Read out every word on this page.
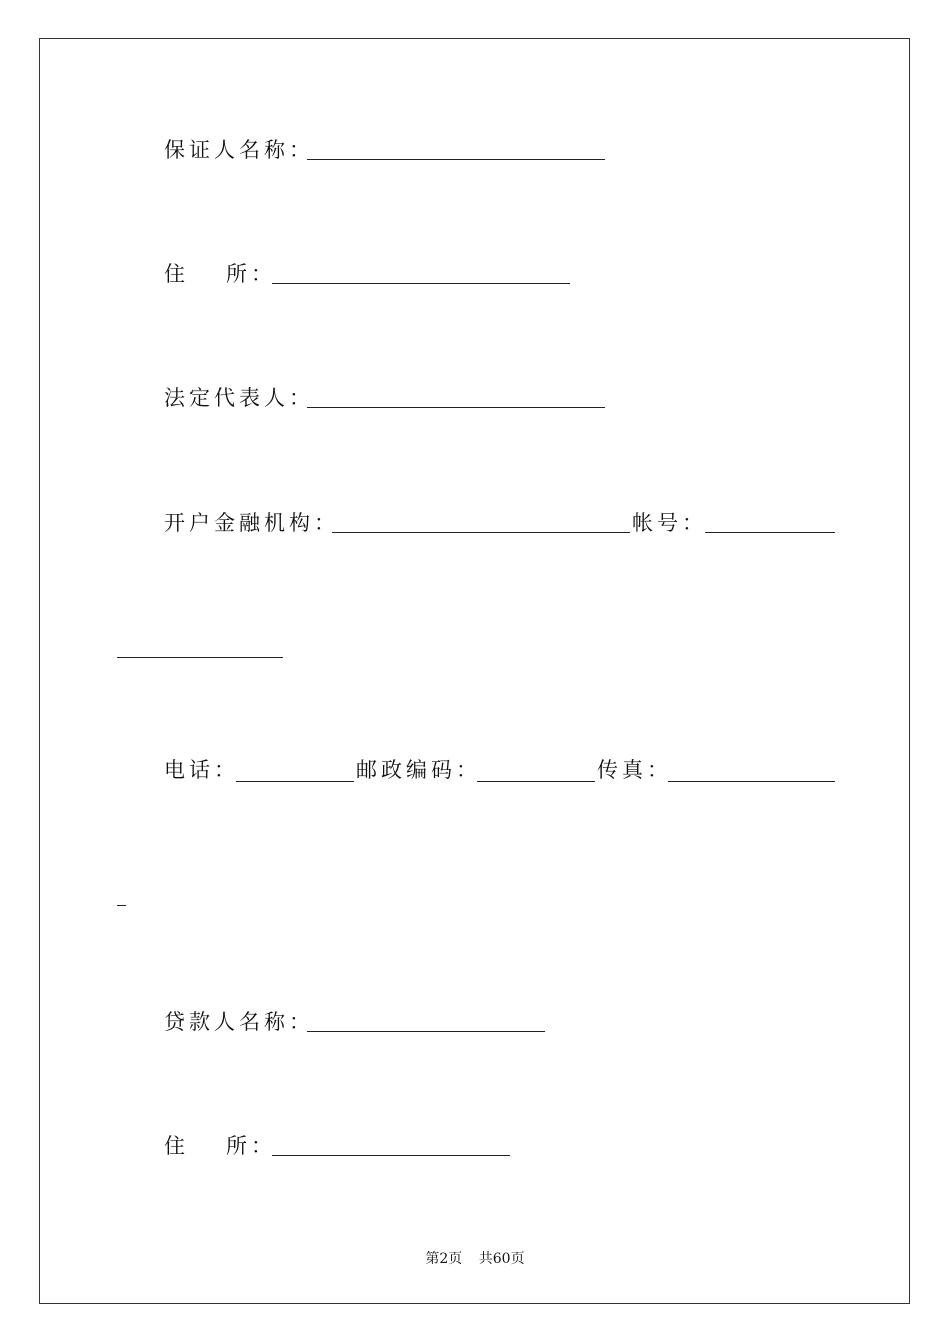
保证人名称：
住 所：
法定代表人：
开户金融机构：	帐号：
电话：	邮政编码：	传真：
贷款人名称：
住 所：
第2页 共60页
